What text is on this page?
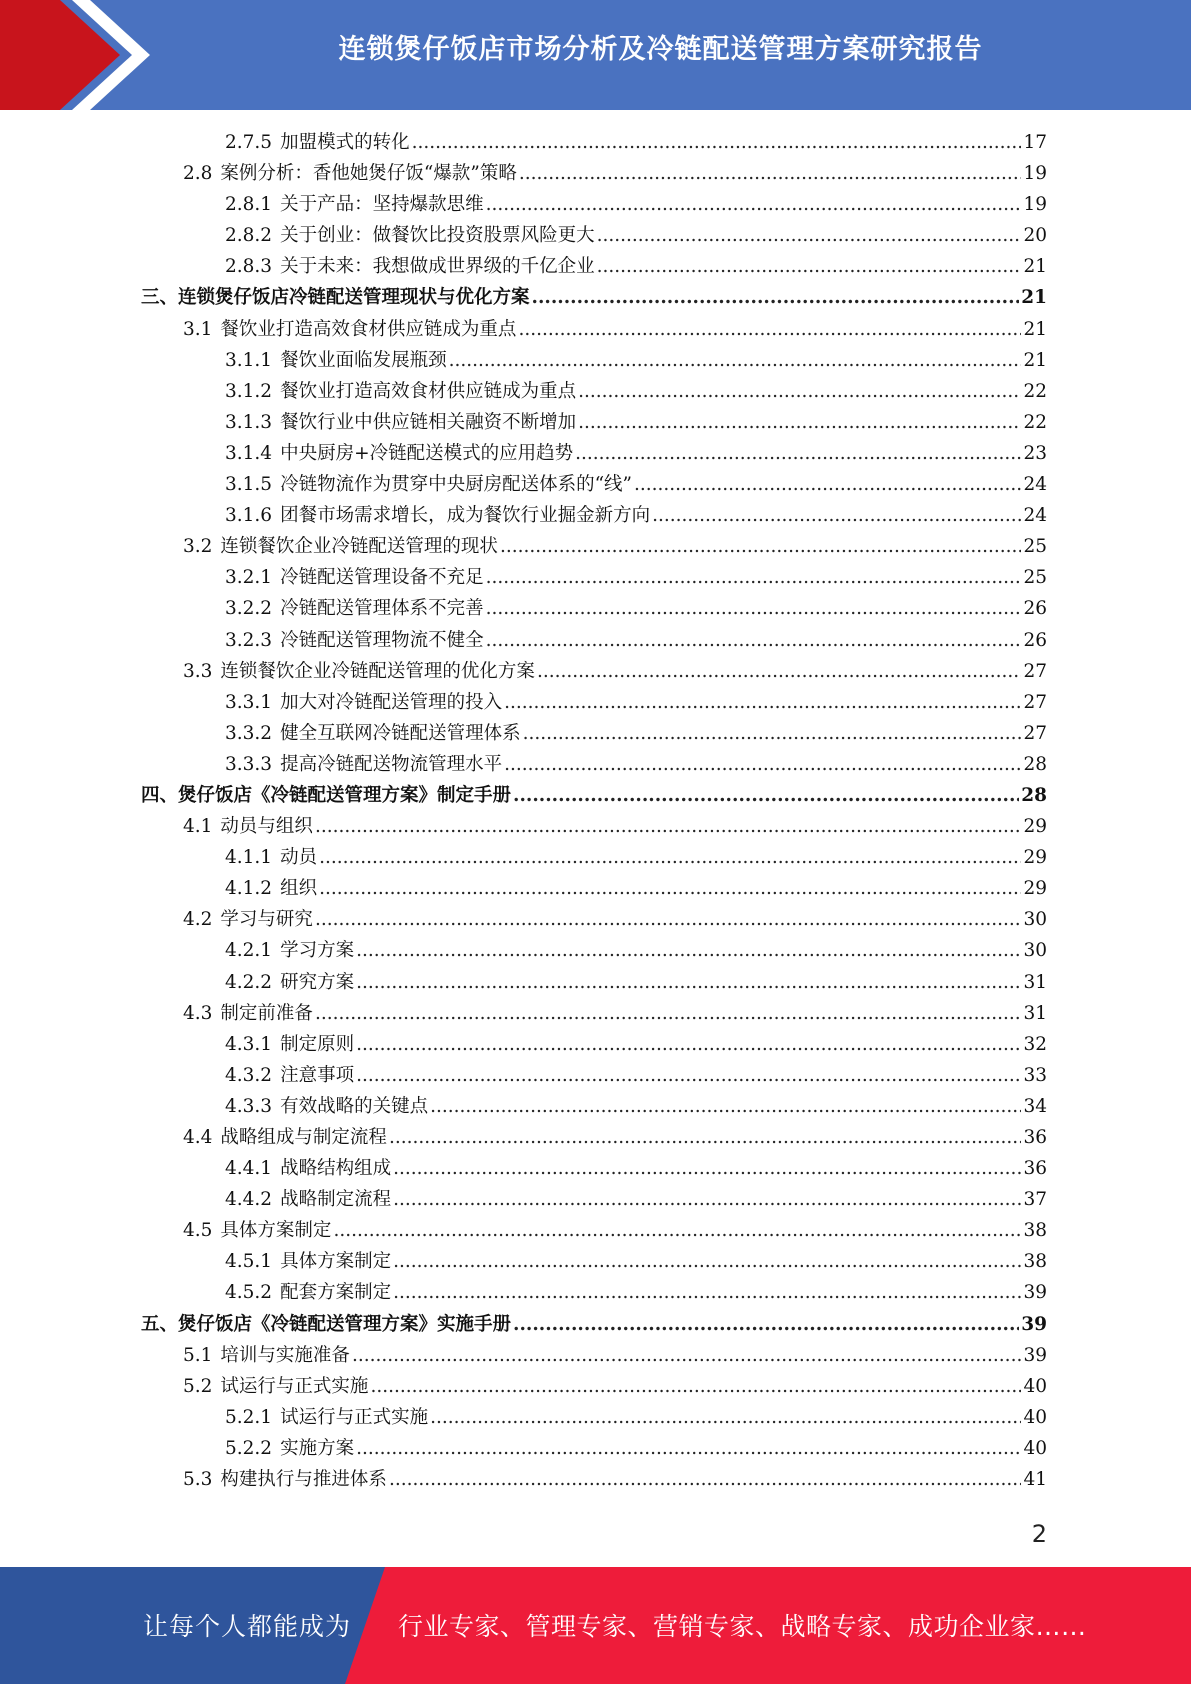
连锁煲仔饭店市场分析及冷链配送管理方案研究报告
2.7.5 加盟模式的转化 .....	17
2.8 案例分析：香他她煲仔饭“爆款”策略 .....	19
2.8.1 关于产品：坚持爆款思维 .....	19
2.8.2 关于创业：做餐饮比投资股票风险更大 .....	20
2.8.3 关于未来：我想做成世界级的千亿企业 .....	21
三、连锁煲仔饭店冷链配送管理现状与优化方案 .....	21
3.1 餐饮业打造高效食材供应链成为重点 .....	21
3.1.1 餐饮业面临发展瓶颈 .....	21
3.1.2 餐饮业打造高效食材供应链成为重点 .....	22
3.1.3 餐饮行业中供应链相关融资不断增加 .....	22
3.1.4 中央厨房+冷链配送模式的应用趋势 .....	23
3.1.5 冷链物流作为贯穿中央厨房配送体系的“线” .....	24
3.1.6 团餐市场需求增长，成为餐饮行业掘金新方向 .....	24
3.2 连锁餐饮企业冷链配送管理的现状 .....	25
3.2.1 冷链配送管理设备不充足 .....	25
3.2.2 冷链配送管理体系不完善 .....	26
3.2.3 冷链配送管理物流不健全 .....	26
3.3 连锁餐饮企业冷链配送管理的优化方案 .....	27
3.3.1 加大对冷链配送管理的投入 .....	27
3.3.2 健全互联网冷链配送管理体系 .....	27
3.3.3 提高冷链配送物流管理水平 .....	28
四、煲仔饭店《冷链配送管理方案》制定手册 .....	28
4.1 动员与组织 .....	29
4.1.1 动员 .....	29
4.1.2 组织 .....	29
4.2 学习与研究 .....	30
4.2.1 学习方案 .....	30
4.2.2 研究方案 .....	31
4.3 制定前准备 .....	31
4.3.1 制定原则 .....	32
4.3.2 注意事项 .....	33
4.3.3 有效战略的关键点 .....	34
4.4 战略组成与制定流程 .....	36
4.4.1 战略结构组成 .....	36
4.4.2 战略制定流程 .....	37
4.5 具体方案制定 .....	38
4.5.1 具体方案制定 .....	38
4.5.2 配套方案制定 .....	39
五、煲仔饭店《冷链配送管理方案》实施手册 .....	39
5.1 培训与实施准备 .....	39
5.2 试运行与正式实施 .....	40
5.2.1 试运行与正式实施 .....	40
5.2.2 实施方案 .....	40
5.3 构建执行与推进体系 .....	41
2
让每个人都能成为 行业专家、管理专家、营销专家、战略专家、成功企业家……
